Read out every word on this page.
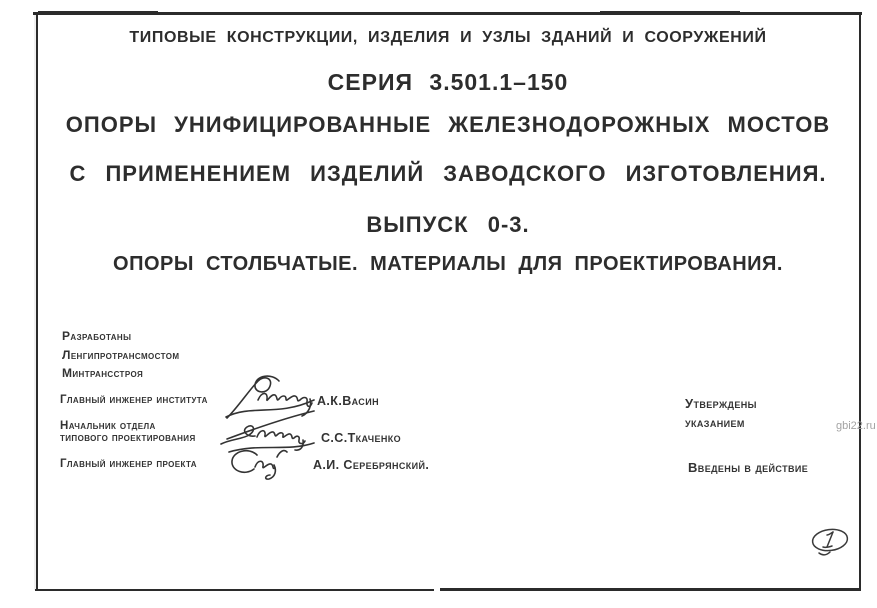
ТИПОВЫЕ КОНСТРУКЦИИ, ИЗДЕЛИЯ И УЗЛЫ ЗДАНИЙ И СООРУЖЕНИЙ
СЕРИЯ 3.501.1–150
ОПОРЫ УНИФИЦИРОВАННЫЕ ЖЕЛЕЗНОДОРОЖНЫХ МОСТОВ
С ПРИМЕНЕНИЕМ ИЗДЕЛИЙ ЗАВОДСКОГО ИЗГОТОВЛЕНИЯ.
ВЫПУСК 0-3.
ОПОРЫ СТОЛБЧАТЫЕ. МАТЕРИАЛЫ ДЛЯ ПРОЕКТИРОВАНИЯ.
Разработаны
Ленгипротрансмостом
Минтрансстроя
Главный инженер института	А.К.Васин
Начальник отдела
типового проектирования	С.С.Ткаченко
Главный инженер проекта	А.И. Серебрянский.
Утверждены
указанием
Введены в действие
gbi22.ru
